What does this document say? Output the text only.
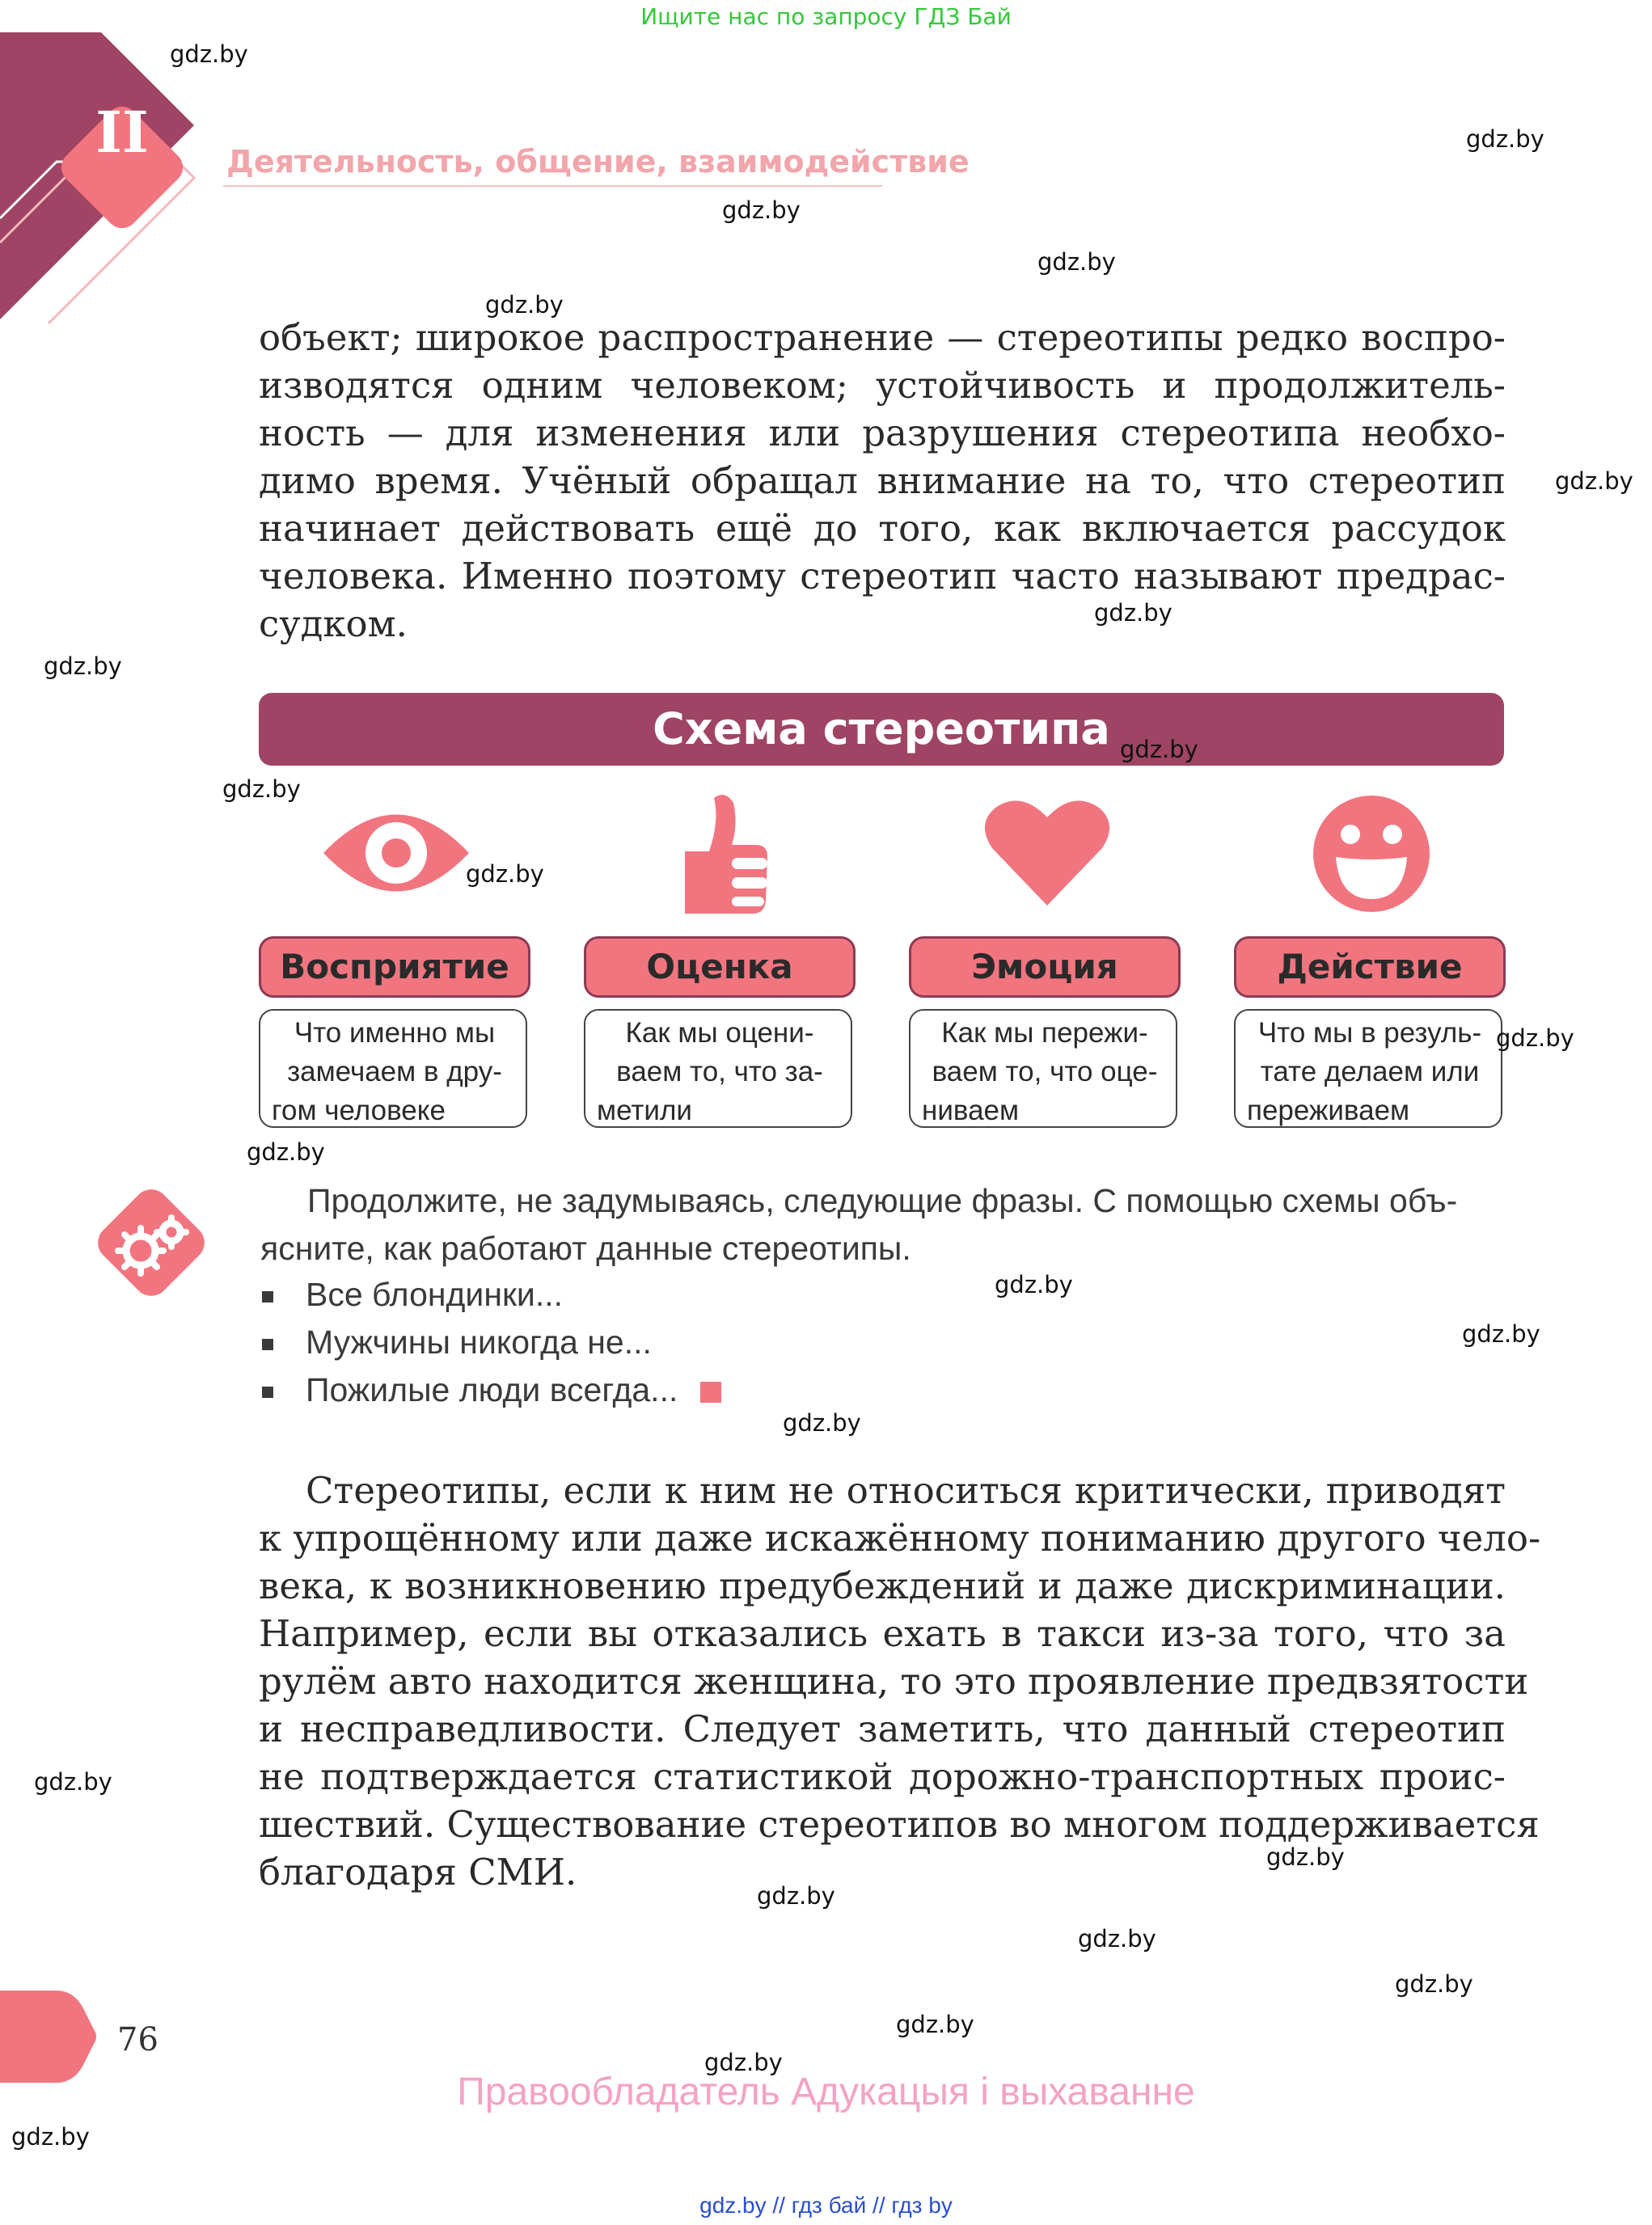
Ищите нас по запросу ГДЗ Бай
II	Деятельность, общение, взаимодействие
объект; широкое распространение — стереотипы редко воспро-
изводятся одним человеком; устойчивость и продолжитель-
ность — для изменения или разрушения стереотипа необхо-
димо время. Учёный обращал внимание на то, что стереотип
начинает действовать ещё до того, как включается рассудок
человека. Именно поэтому стереотип часто называют предрас-
судком.
Схема стереотипа
Восприятие	Оценка	Эмоция	Действие
Что именно мы
замечаем в дру-
гом человеке
Как мы оцени-
ваем то, что за-
метили
Как мы пережи-
ваем то, что оце-
ниваем
Что мы в резуль-
тате делаем или
переживаем
Продолжите, не задумываясь, следующие фразы. С помощью схемы объ-
ясните, как работают данные стереотипы.
Все блондинки...
Мужчины никогда не...
Пожилые люди всегда...
Стереотипы, если к ним не относиться критически, приводят
к упрощённому или даже искажённому пониманию другого чело-
века, к возникновению предубеждений и даже дискриминации.
Например, если вы отказались ехать в такси из-за того, что за
рулём авто находится женщина, то это проявление предвзятости
и несправедливости. Следует заметить, что данный стереотип
не подтверждается статистикой дорожно-транспортных проис-
шествий. Существование стереотипов во многом поддерживается
благодаря СМИ.
76
Правообладатель Адукацыя і выхаванне
gdz.by // гдз бай // гдз by
gdz.by
gdz.by
gdz.by
gdz.by
gdz.by
gdz.by
gdz.by
gdz.by
gdz.by
gdz.by
gdz.by
gdz.by
gdz.by
gdz.by
gdz.by
gdz.by
gdz.by
gdz.by
gdz.by
gdz.by
gdz.by
gdz.by
gdz.by
gdz.by
